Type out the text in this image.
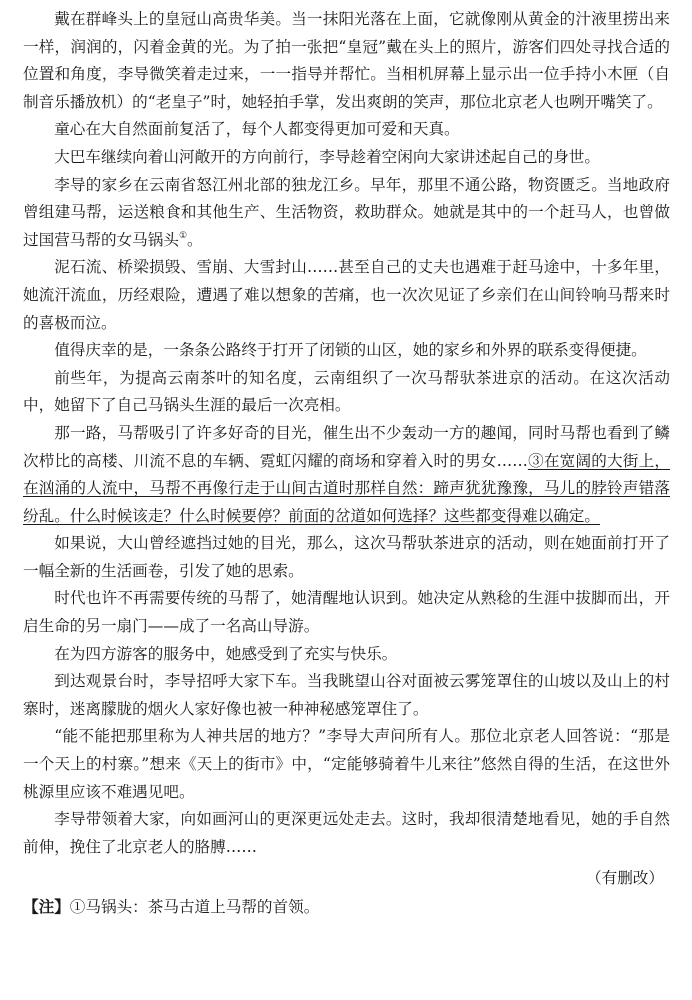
戴在群峰头上的皇冠山高贵华美。当一抹阳光落在上面，它就像刚从黄金的汁液里捞出来一样，润润的，闪着金黄的光。为了拍一张把“皇冠”戴在头上的照片，游客们四处寻找合适的位置和角度，李导微笑着走过来，一一指导并帮忙。当相机屏幕上显示出一位手持小木匣（自制音乐播放机）的“老皇子”时，她轻拍手掌，发出爽朗的笑声，那位北京老人也咧开嘴笑了。

童心在大自然面前复活了，每个人都变得更加可爱和天真。

大巴车继续向着山河敞开的方向前行，李导趁着空闲向大家讲述起自己的身世。

李导的家乡在云南省怒江州北部的独龙江乡。早年，那里不通公路，物资匮乏。当地政府曾组建马帮，运送粮食和其他生产、生活物资，救助群众。她就是其中的一个赶马人，也曾做过国营马帮的女马锅头①。

泥石流、桥梁损毁、雪崩、大雪封山……甚至自己的丈夫也遇难于赶马途中，十多年里，她流汗流血，历经艰险，遭遇了难以想象的苦痛，也一次次见证了乡亲们在山间铃响马帮来时的喜极而泣。

值得庆幸的是，一条条公路终于打开了闭锁的山区，她的家乡和外界的联系变得便捷。

前些年，为提高云南茶叶的知名度，云南组织了一次马帮驮茶进京的活动。在这次活动中，她留下了自己马锅头生涯的最后一次亮相。

那一路，马帮吸引了许多好奇的目光，催生出不少轰动一方的趣闻，同时马帮也看到了鳞次栉比的高楼、川流不息的车辆、霓虹闪耀的商场和穿着入时的男女……③在宽阔的大街上，在汹涌的人流中，马帮不再像行走于山间古道时那样自然：蹄声犹犹豫豫，马儿的脖铃声错落纷乱。什么时候该走？什么时候要停？前面的岔道如何选择？这些都变得难以确定。

如果说，大山曾经遮挡过她的目光，那么，这次马帮驮茶进京的活动，则在她面前打开了一幅全新的生活画卷，引发了她的思索。

时代也许不再需要传统的马帮了，她清醒地认识到。她决定从熟稔的生涯中拔脚而出，开启生命的另一扇门——成了一名高山导游。

在为四方游客的服务中，她感受到了充实与快乐。

到达观景台时，李导招呼大家下车。当我眺望山谷对面被云雾笼罩住的山坡以及山上的村寨时，迷离朦胧的烟火人家好像也被一种神秘感笼罩住了。

“能不能把那里称为人神共居的地方？”李导大声问所有人。那位北京老人回答说：“那是一个天上的村寨。”想来《天上的街市》中，“定能够骑着牛儿来往”悠然自得的生活，在这世外桃源里应该不难遇见吧。

李导带领着大家，向如画河山的更深更远处走去。这时，我却很清楚地看见，她的手自然前伸，挽住了北京老人的胳膊……

（有删改）

【注】①马锅头：茶马古道上马帮的首领。
